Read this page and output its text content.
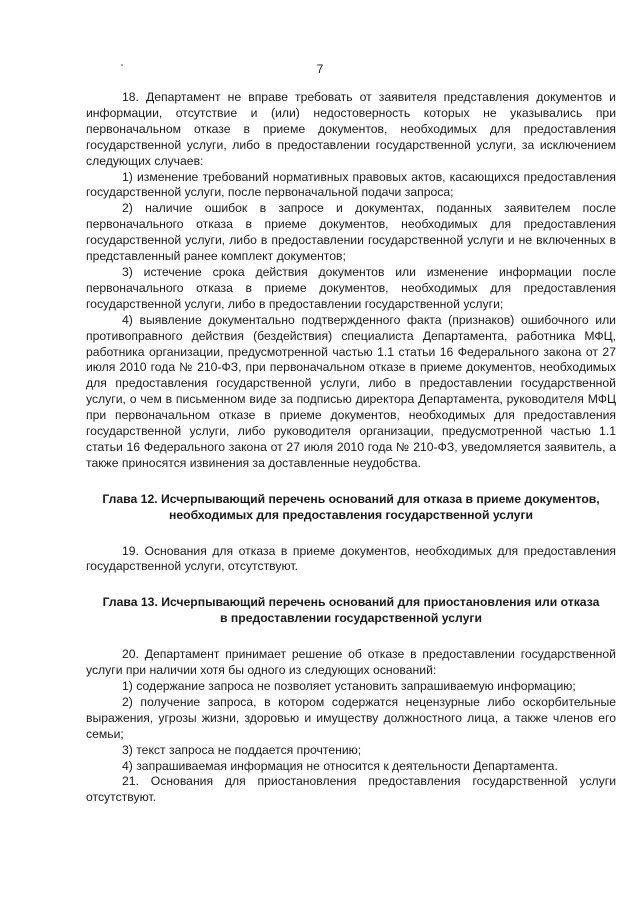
7

18. Департамент не вправе требовать от заявителя представления документов и информации, отсутствие и (или) недостоверность которых не указывались при первоначальном отказе в приеме документов, необходимых для предоставления государственной услуги, либо в предоставлении государственной услуги, за исключением следующих случаев:

1) изменение требований нормативных правовых актов, касающихся предоставления государственной услуги, после первоначальной подачи запроса;

2) наличие ошибок в запросе и документах, поданных заявителем после первоначального отказа в приеме документов, необходимых для предоставления государственной услуги, либо в предоставлении государственной услуги и не включенных в представленный ранее комплект документов;

3) истечение срока действия документов или изменение информации после первоначального отказа в приеме документов, необходимых для предоставления государственной услуги, либо в предоставлении государственной услуги;

4) выявление документально подтвержденного факта (признаков) ошибочного или противоправного действия (бездействия) специалиста Департамента, работника МФЦ, работника организации, предусмотренной частью 1.1 статьи 16 Федерального закона от 27 июля 2010 года № 210-ФЗ, при первоначальном отказе в приеме документов, необходимых для предоставления государственной услуги, либо в предоставлении государственной услуги, о чем в письменном виде за подписью директора Департамента, руководителя МФЦ при первоначальном отказе в приеме документов, необходимых для предоставления государственной услуги, либо руководителя организации, предусмотренной частью 1.1 статьи 16 Федерального закона от 27 июля 2010 года № 210-ФЗ, уведомляется заявитель, а также приносятся извинения за доставленные неудобства.

Глава 12. Исчерпывающий перечень оснований для отказа в приеме документов,
необходимых для предоставления государственной услуги

19. Основания для отказа в приеме документов, необходимых для предоставления государственной услуги, отсутствуют.

Глава 13. Исчерпывающий перечень оснований для приостановления или отказа
в предоставлении государственной услуги

20. Департамент принимает решение об отказе в предоставлении государственной услуги при наличии хотя бы одного из следующих оснований:

1) содержание запроса не позволяет установить запрашиваемую информацию;

2) получение запроса, в котором содержатся нецензурные либо оскорбительные выражения, угрозы жизни, здоровью и имуществу должностного лица, а также членов его семьи;

3) текст запроса не поддается прочтению;

4) запрашиваемая информация не относится к деятельности Департамента.

21. Основания для приостановления предоставления государственной услуги отсутствуют.
